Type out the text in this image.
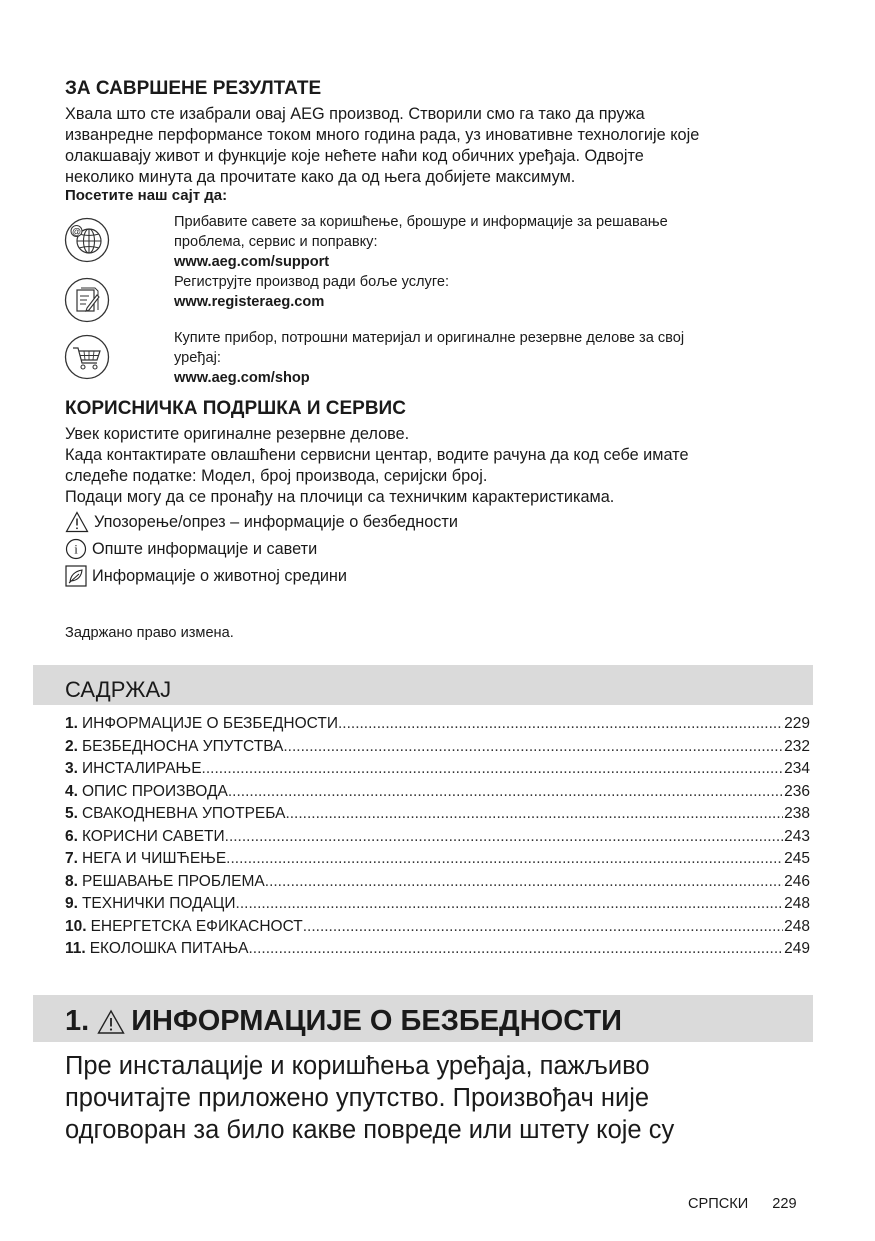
ЗА САВРШЕНЕ РЕЗУЛТАТЕ
Хвала што сте изабрали овај AEG производ. Створили смо га тако да пружа
изванредне перформансе током много година рада, уз иновативне технологије које
олакшавају живот и функције које нећете наћи код обичних уређаја. Одвојте
неколико минута да прочитате како да од њега добијете максимум.
Посетите наш сајт да:
@
Прибавите савете за коришћење, брошуре и информације за решавање
проблема, сервис и поправку:
www.aeg.com/support
Региструјте производ ради боље услуге:
www.registeraeg.com
Купите прибор, потрошни материјал и оригиналне резервне делове за свој
уређај:
www.aeg.com/shop
КОРИСНИЧКА ПОДРШКА И СЕРВИС
Увек користите оригиналне резервне делове.
Када контактирате овлашћени сервисни центар, водите рачуна да код себе имате
следеће податке: Модел, број производа, серијски број.
Подаци могу да се пронађу на плочици са техничким карактеристикама.
Упозорење/опрез – информације о безбедности
i Опште информације и савети
Информације о животној средини
Задржано право измена.
САДРЖАЈ
1. ИНФОРМАЦИЈЕ О БЕЗБЕДНОСТИ .....	229
2. БЕЗБЕДНОСНА УПУТСТВА .....	232
3. ИНСТАЛИРАЊЕ .....	234
4. ОПИС ПРОИЗВОДА .....	236
5. СВАКОДНЕВНА УПОТРЕБА .....	238
6. КОРИСНИ САВЕТИ .....	243
7. НЕГА И ЧИШЋЕЊЕ .....	245
8. РЕШАВАЊЕ ПРОБЛЕМА .....	246
9. ТЕХНИЧКИ ПОДАЦИ .....	248
10. ЕНЕРГЕТСКА ЕФИКАСНОСТ .....	248
11. ЕКОЛОШКА ПИТАЊА .....	249
1. ИНФОРМАЦИЈЕ О БЕЗБЕДНОСТИ
Пре инсталације и коришћења уређаја, пажљиво
прочитајте приложено упутство. Произвођач није
одговоран за било какве повреде или штету које су
СРПСКИ 229
